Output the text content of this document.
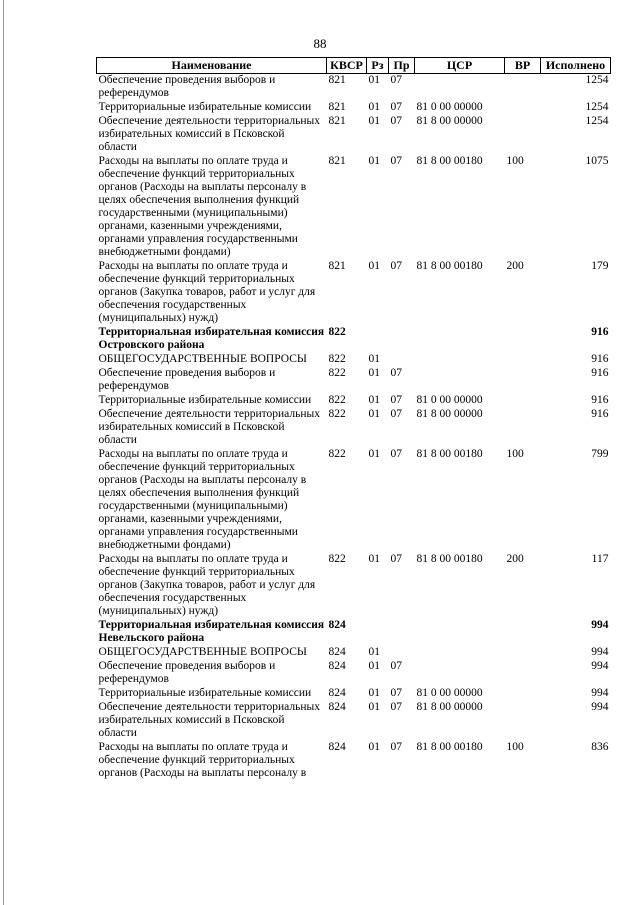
88
Наименование	КВСР	Рз	Пр	ЦСР	ВР	Исполнено
Обеспечение проведения выборов и референдумов	821	01	07			1254
Территориальные избирательные комиссии	821	01	07	81 0 00 00000		1254
Обеспечение деятельности территориальных избирательных комиссий в Псковской области	821	01	07	81 8 00 00000		1254
Расходы на выплаты по оплате труда и обеспечение функций территориальных органов (Расходы на выплаты персоналу в целях обеспечения выполнения функций государственными (муниципальными) органами, казенными учреждениями, органами управления государственными внебюджетными фондами)	821	01	07	81 8 00 00180	100	1075
Расходы на выплаты по оплате труда и обеспечение функций территориальных органов (Закупка товаров, работ и услуг для обеспечения государственных (муниципальных) нужд)	821	01	07	81 8 00 00180	200	179
Территориальная избирательная комиссия Островского района	822					916
ОБЩЕГОСУДАРСТВЕННЫЕ ВОПРОСЫ	822	01				916
Обеспечение проведения выборов и референдумов	822	01	07			916
Территориальные избирательные комиссии	822	01	07	81 0 00 00000		916
Обеспечение деятельности территориальных избирательных комиссий в Псковской области	822	01	07	81 8 00 00000		916
Расходы на выплаты по оплате труда и обеспечение функций территориальных органов (Расходы на выплаты персоналу в целях обеспечения выполнения функций государственными (муниципальными) органами, казенными учреждениями, органами управления государственными внебюджетными фондами)	822	01	07	81 8 00 00180	100	799
Расходы на выплаты по оплате труда и обеспечение функций территориальных органов (Закупка товаров, работ и услуг для обеспечения государственных (муниципальных) нужд)	822	01	07	81 8 00 00180	200	117
Территориальная избирательная комиссия Невельского района	824					994
ОБЩЕГОСУДАРСТВЕННЫЕ ВОПРОСЫ	824	01				994
Обеспечение проведения выборов и референдумов	824	01	07			994
Территориальные избирательные комиссии	824	01	07	81 0 00 00000		994
Обеспечение деятельности территориальных избирательных комиссий в Псковской области	824	01	07	81 8 00 00000		994
Расходы на выплаты по оплате труда и обеспечение функций территориальных органов (Расходы на выплаты персоналу в	824	01	07	81 8 00 00180	100	836
